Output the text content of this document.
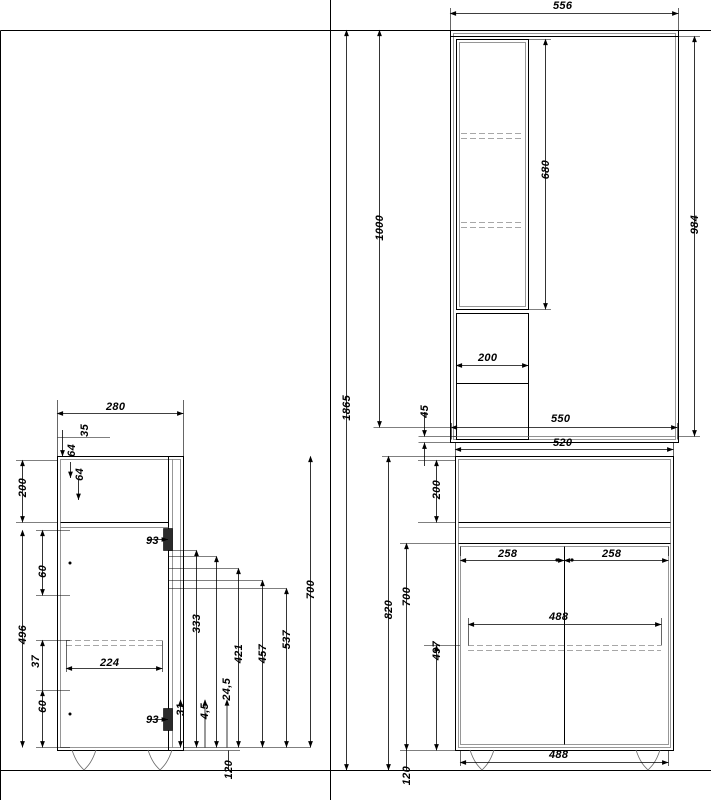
556
680
984
1000
1865
200
550
45
520
200
258	258
488
700
497
820
488
120
280
35
64
64
200
93
60
496
37	224
60
93
31 4,5
24,5
421
333
457
537
700
120
